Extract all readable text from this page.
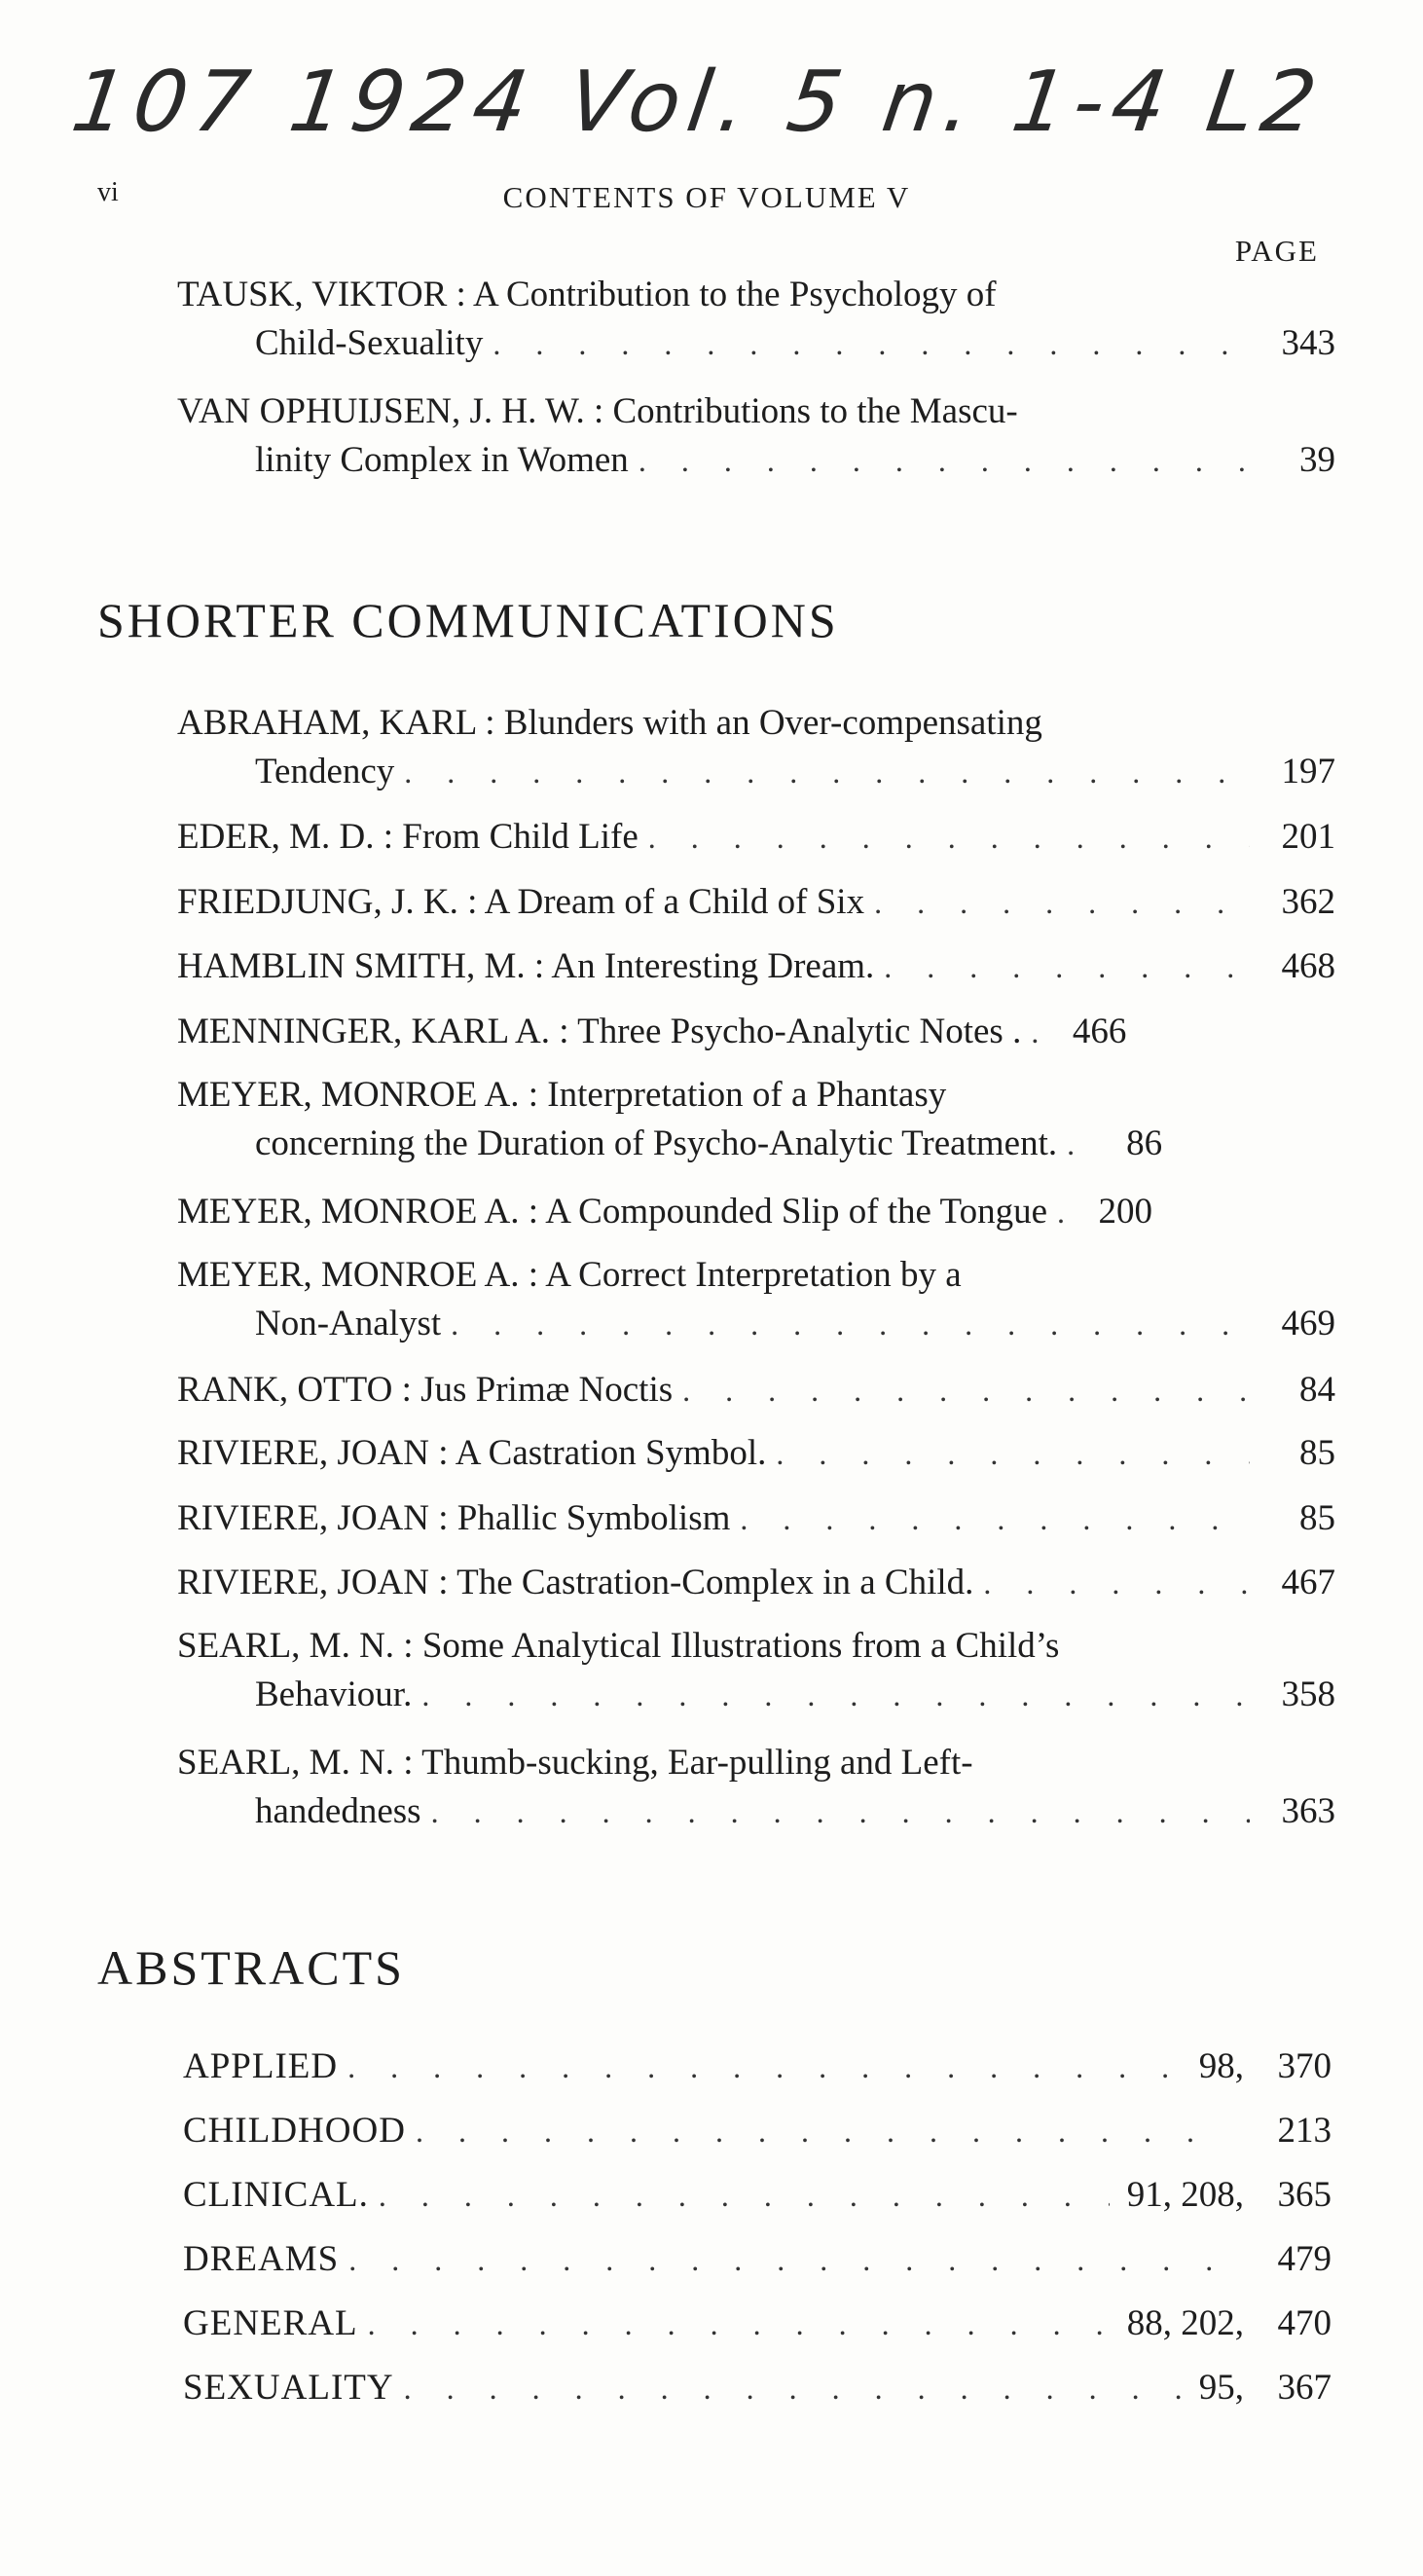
107 1924 Vol. 5 n. 1-4 L2
vi	CONTENTS OF VOLUME V
PAGE
TAUSK, VIKTOR : A Contribution to the Psychology of
Child-Sexuality . . .	343
VAN OPHUIJSEN, J. H. W. : Contributions to the Mascu-
linity Complex in Women . . .	39
SHORTER COMMUNICATIONS
ABRAHAM, KARL : Blunders with an Over-compensating
Tendency . . .	197
EDER, M. D. : From Child Life . . .	201
FRIEDJUNG, J. K. : A Dream of a Child of Six . . .	362
HAMBLIN SMITH, M. : An Interesting Dream. . . .	468
MENNINGER, KARL A. : Three Psycho-Analytic Notes . . . .	466
MEYER, MONROE A. : Interpretation of a Phantasy
concerning the Duration of Psycho-Analytic Treatment. . . .	86
MEYER, MONROE A. : A Compounded Slip of the Tongue . . .	200
MEYER, MONROE A. : A Correct Interpretation by a
Non-Analyst . . .	469
RANK, OTTO : Jus Primæ Noctis . . .	84
RIVIERE, JOAN : A Castration Symbol. . . .	85
RIVIERE, JOAN : Phallic Symbolism . . .	85
RIVIERE, JOAN : The Castration-Complex in a Child. . . .	467
SEARL, M. N. : Some Analytical Illustrations from a Child’s
Behaviour. . . .	358
SEARL, M. N. : Thumb-sucking, Ear-pulling and Left-
handedness . . .	363
ABSTRACTS
APPLIED . . .	98, 370
CHILDHOOD . . .	213
CLINICAL. . . .	91, 208, 365
DREAMS . . .	479
GENERAL . . .	88, 202, 470
SEXUALITY . . .	95, 367
